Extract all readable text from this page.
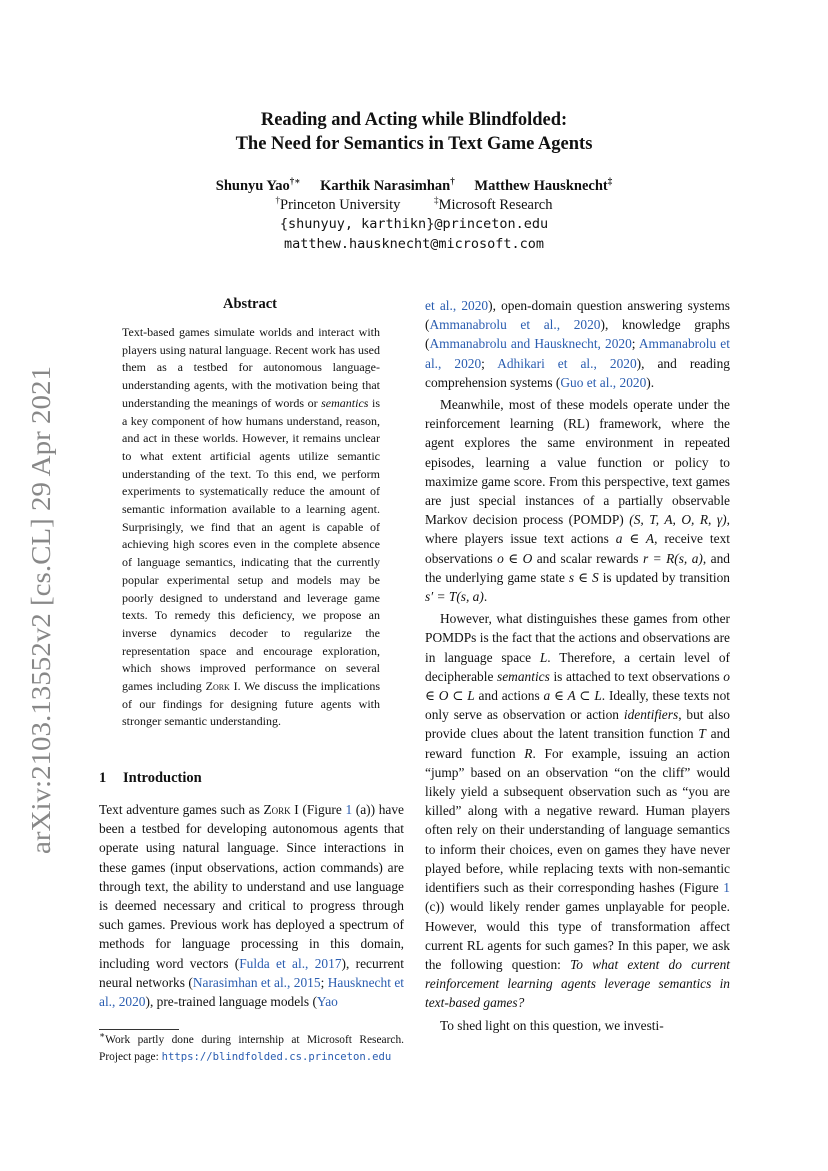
arXiv:2103.13552v2 [cs.CL] 29 Apr 2021
Reading and Acting while Blindfolded:
The Need for Semantics in Text Game Agents
Shunyu Yao†∗ Karthik Narasimhan† Matthew Hausknecht‡
†Princeton University	‡Microsoft Research
{shunyuy, karthikn}@princeton.edu
matthew.hausknecht@microsoft.com
Abstract
Text-based games simulate worlds and interact with players using natural language. Recent work has used them as a testbed for autonomous language-understanding agents, with the motivation being that understanding the meanings of words or semantics is a key component of how humans understand, reason, and act in these worlds. However, it remains unclear to what extent artificial agents utilize semantic understanding of the text. To this end, we perform experiments to systematically reduce the amount of semantic information available to a learning agent. Surprisingly, we find that an agent is capable of achieving high scores even in the complete absence of language semantics, indicating that the currently popular experimental setup and models may be poorly designed to understand and leverage game texts. To remedy this deficiency, we propose an inverse dynamics decoder to regularize the representation space and encourage exploration, which shows improved performance on several games including Zork I. We discuss the implications of our findings for designing future agents with stronger semantic understanding.
1 Introduction

Text adventure games such as Zork I (Figure 1 (a)) have been a testbed for developing autonomous agents that operate using natural language. Since interactions in these games (input observations, action commands) are through text, the ability to understand and use language is deemed necessary and critical to progress through such games. Previous work has deployed a spectrum of methods for language processing in this domain, including word vectors (Fulda et al., 2017), recurrent neural networks (Narasimhan et al., 2015; Hausknecht et al., 2020), pre-trained language models (Yao

∗Work partly done during internship at Microsoft Research. Project page: https://blindfolded.cs.princeton.edu

et al., 2020), open-domain question answering systems (Ammanabrolu et al., 2020), knowledge graphs (Ammanabrolu and Hausknecht, 2020; Ammanabrolu et al., 2020; Adhikari et al., 2020), and reading comprehension systems (Guo et al., 2020).

Meanwhile, most of these models operate under the reinforcement learning (RL) framework, where the agent explores the same environment in repeated episodes, learning a value function or policy to maximize game score. From this perspective, text games are just special instances of a partially observable Markov decision process (POMDP) (S, T, A, O, R, γ), where players issue text actions a ∈ A, receive text observations o ∈ O and scalar rewards r = R(s, a), and the underlying game state s ∈ S is updated by transition s′ = T(s, a).

However, what distinguishes these games from other POMDPs is the fact that the actions and observations are in language space L. Therefore, a certain level of decipherable semantics is attached to text observations o ∈ O ⊂ L and actions a ∈ A ⊂ L. Ideally, these texts not only serve as observation or action identifiers, but also provide clues about the latent transition function T and reward function R. For example, issuing an action “jump” based on an observation “on the cliff” would likely yield a subsequent observation such as “you are killed” along with a negative reward. Human players often rely on their understanding of language semantics to inform their choices, even on games they have never played before, while replacing texts with non-semantic identifiers such as their corresponding hashes (Figure 1 (c)) would likely render games unplayable for people. However, would this type of transformation affect current RL agents for such games? In this paper, we ask the following question: To what extent do current reinforcement learning agents leverage semantics in text-based games?

To shed light on this question, we investi-
